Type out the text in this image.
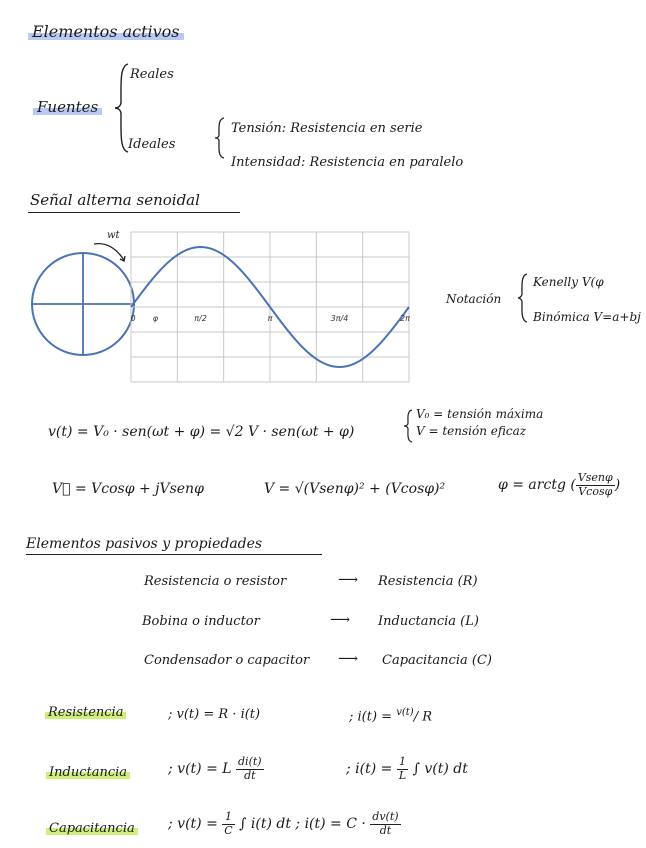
Elementos activos
Reales
Fuentes
Ideales
Tensión: Resistencia en serie
Intensidad: Resistencia en paralelo
Señal alterna senoidal
wt
0 φ	π/2	π	3π/4	2π
Notación
Kenelly V(φ
Binómica V=a+bj
v(t) = V₀ · sen(ωt + φ) = √2 V · sen(ωt + φ)
V₀ = tensión máxima
V = tensión eficaz
V⃗ = Vcosφ + jVsenφ	V = √(Vsenφ)² + (Vcosφ)²	φ = arctg ( $\frac{\text{Vsenφ}}{Vcos\varphi}$ )
Elementos pasivos y propiedades
Resistencia o resistor	⟶ Resistencia (R)
Bobina o inductor	⟶ Inductancia (L)
Condensador o capacitor ⟶ Capacitancia (C)
Resistencia	; v(t) = R · i(t)	; i(t) = $^{v(t)}$/ R
Inductancia	; v(t) = L $\frac{di(t)}{dt}$	; $i(t) = \frac{1}{L}$ ∫ v(t) dt
Capacitancia ; $v(t) = \frac{1}{C}$ ∫ i(t) dt ; $i(t) = C \cdot \frac{dv(t)}{dt}$
